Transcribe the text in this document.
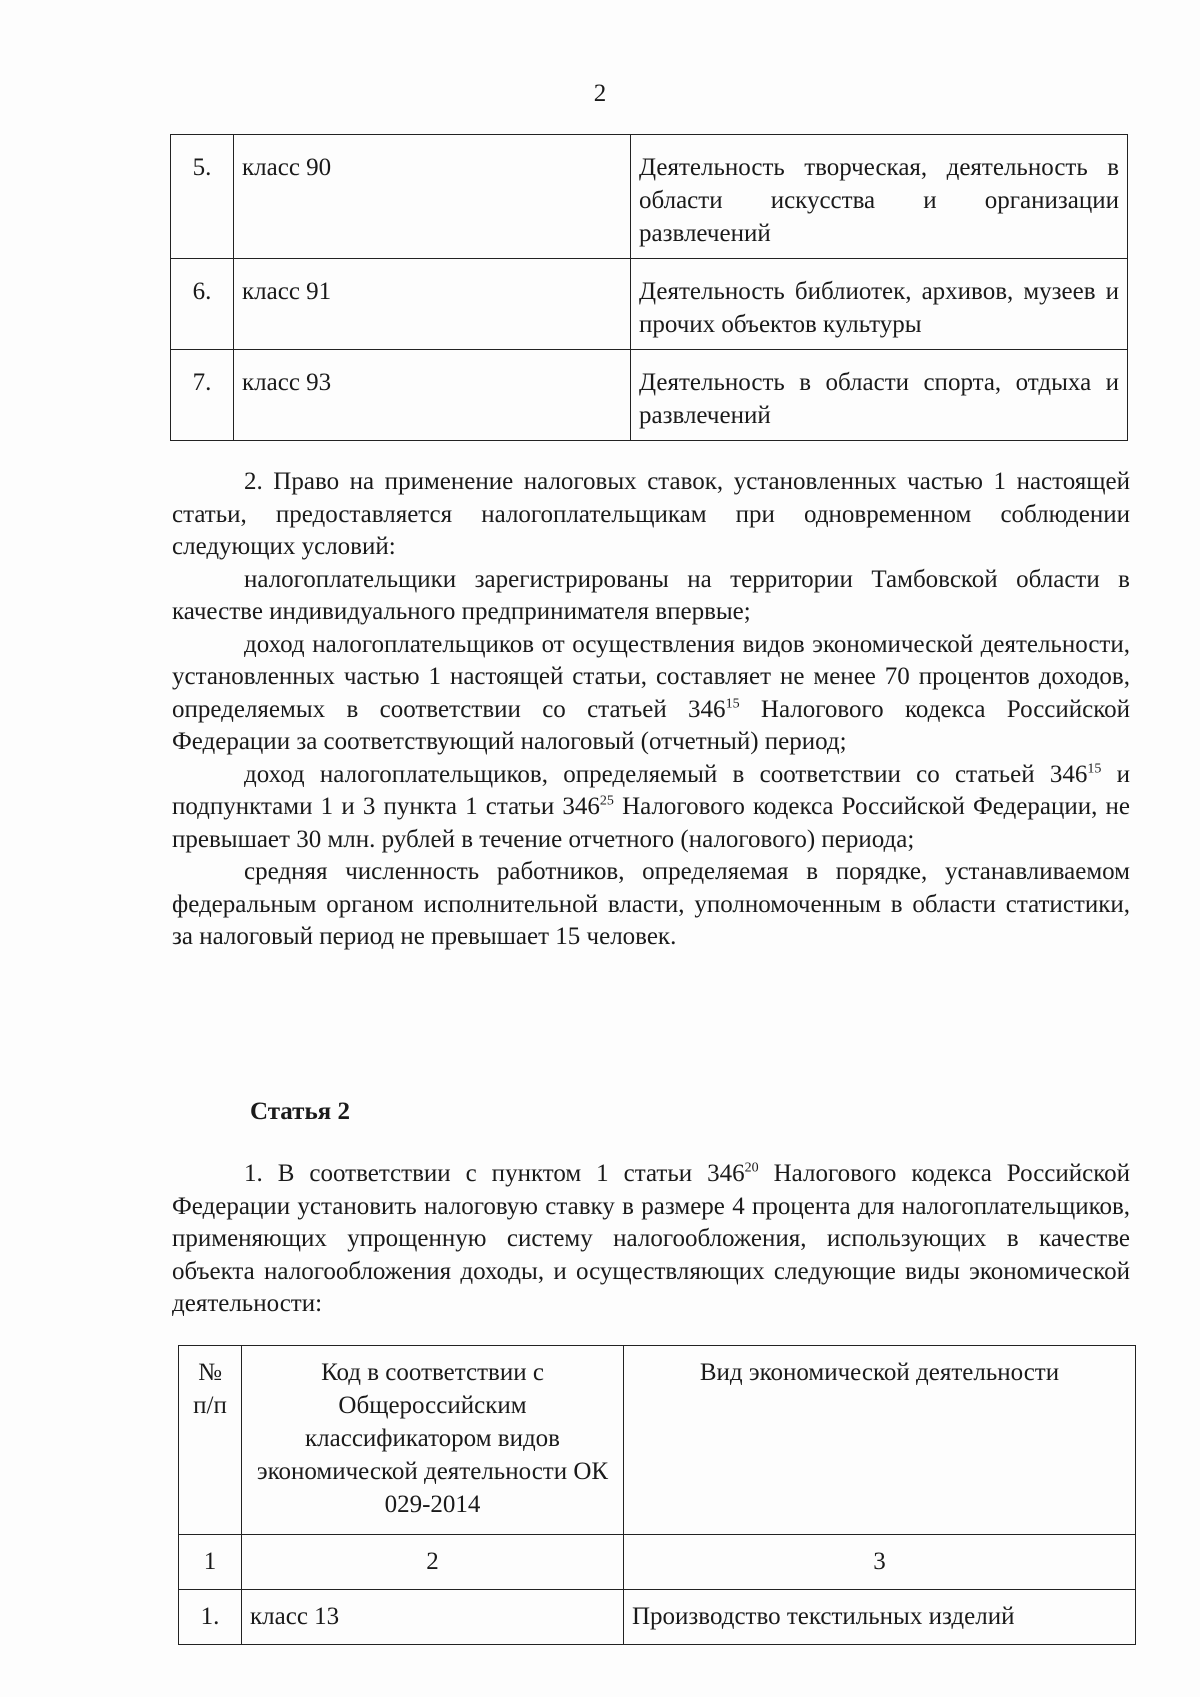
2
5.	класс 90	Деятельность творческая, деятельность в области искусства и организации развлечений
6.	класс 91	Деятельность библиотек, архивов, музеев и прочих объектов культуры
7.	класс 93	Деятельность в области спорта, отдыха и развлечений

2. Право на применение налоговых ставок, установленных частью 1 настоящей статьи, предоставляется налогоплательщикам при одновременном соблюдении следующих условий:

налогоплательщики зарегистрированы на территории Тамбовской области в качестве индивидуального предпринимателя впервые;

доход налогоплательщиков от осуществления видов экономической деятельности, установленных частью 1 настоящей статьи, составляет не менее 70 процентов доходов, определяемых в соответствии со статьей $346^{15}$ Налогового кодекса Российской Федерации за соответствующий налоговый (отчетный) период;

доход налогоплательщиков, определяемый в соответствии со статьей $346^{15}$ и подпунктами 1 и 3 пункта 1 статьи $346^{25}$ Налогового кодекса Российской Федерации, не превышает 30 млн. рублей в течение отчетного (налогового) периода;

средняя численность работников, определяемая в порядке, устанавливаемом федеральным органом исполнительной власти, уполномоченным в области статистики, за налоговый период не превышает 15 человек.

Статья 2

1. В соответствии с пунктом 1 статьи $346^{20}$ Налогового кодекса Российской Федерации установить налоговую ставку в размере 4 процента для налогоплательщиков, применяющих упрощенную систему налогообложения, использующих в качестве объекта налогообложения доходы, и осуществляющих следующие виды экономической деятельности:

№ п/п	Код в соответствии с Общероссийским классификатором видов экономической деятельности ОК 029-2014	Вид экономической деятельности
1	2	3
1.	класс 13	Производство текстильных изделий
